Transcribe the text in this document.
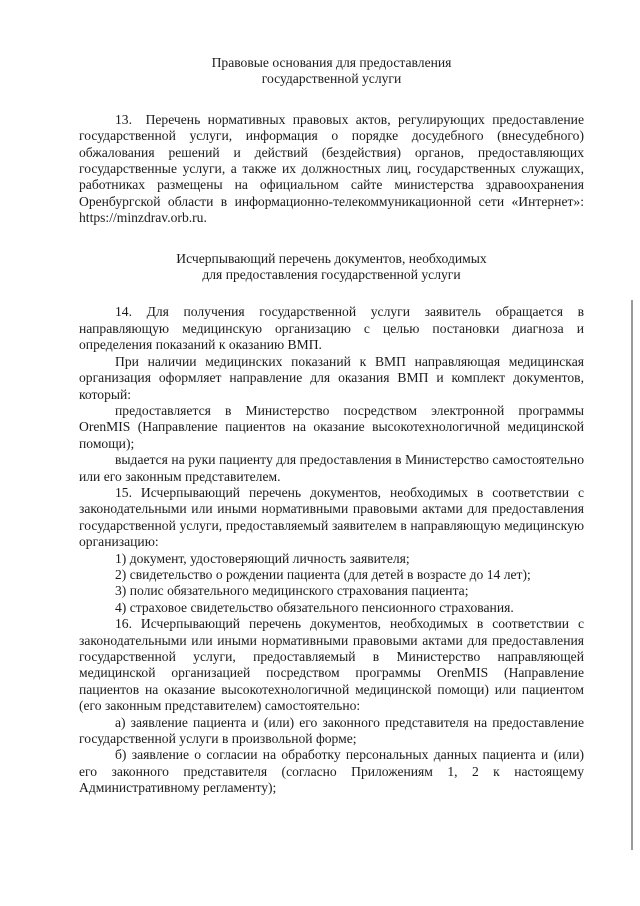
Правовые основания для предоставления
государственной услуги

13. Перечень нормативных правовых актов, регулирующих предоставление государственной услуги, информация о порядке досудебного (внесудебного) обжалования решений и действий (бездействия) органов, предоставляющих государственные услуги, а также их должностных лиц, государственных служащих, работниках размещены на официальном сайте министерства здравоохранения Оренбургской области в информационно-телекоммуникационной сети «Интернет»: https://minzdrav.orb.ru.

Исчерпывающий перечень документов, необходимых
для предоставления государственной услуги

14. Для получения государственной услуги заявитель обращается в направляющую медицинскую организацию с целью постановки диагноза и определения показаний к оказанию ВМП.

При наличии медицинских показаний к ВМП направляющая медицинская организация оформляет направление для оказания ВМП и комплект документов, который:

предоставляется в Министерство посредством электронной программы OrenMIS (Направление пациентов на оказание высокотехнологичной медицинской помощи);

выдается на руки пациенту для предоставления в Министерство самостоятельно или его законным представителем.

15. Исчерпывающий перечень документов, необходимых в соответствии с законодательными или иными нормативными правовыми актами для предоставления государственной услуги, предоставляемый заявителем в направляющую медицинскую организацию:

1) документ, удостоверяющий личность заявителя;

2) свидетельство о рождении пациента (для детей в возрасте до 14 лет);

3) полис обязательного медицинского страхования пациента;

4) страховое свидетельство обязательного пенсионного страхования.

16. Исчерпывающий перечень документов, необходимых в соответствии с законодательными или иными нормативными правовыми актами для предоставления государственной услуги, предоставляемый в Министерство направляющей медицинской организацией посредством программы OrenMIS (Направление пациентов на оказание высокотехнологичной медицинской помощи) или пациентом (его законным представителем) самостоятельно:

а) заявление пациента и (или) его законного представителя на предоставление государственной услуги в произвольной форме;

б) заявление о согласии на обработку персональных данных пациента и (или) его законного представителя (согласно Приложениям 1, 2 к настоящему Административному регламенту);
